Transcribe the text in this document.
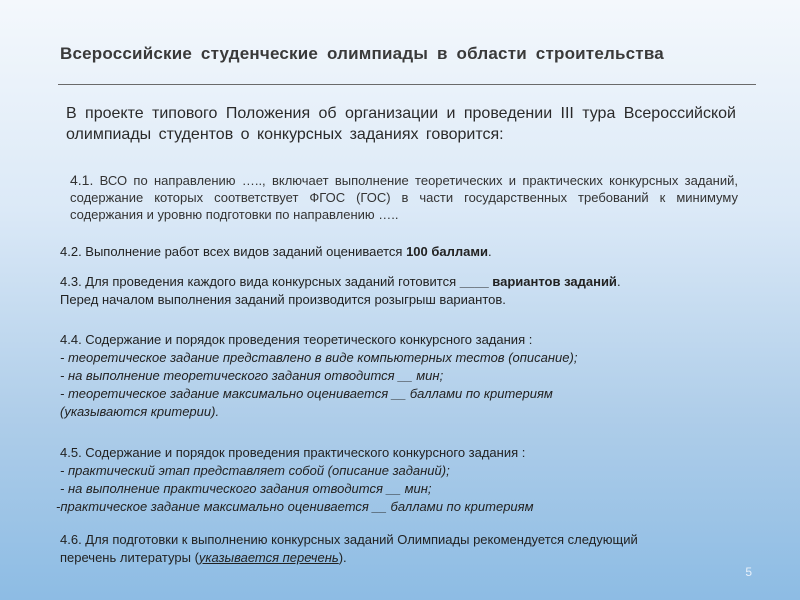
Всероссийские студенческие олимпиады в области строительства
В проекте типового Положения об организации и проведении III тура Всероссийской олимпиады студентов о конкурсных заданиях говорится:
4.1. ВСО по направлению ….., включает выполнение теоретических и практических конкурсных заданий, содержание которых соответствует ФГОС (ГОС) в части государственных требований к минимуму содержания и уровню подготовки по направлению …..
4.2. Выполнение работ всех видов заданий оценивается 100 баллами.
4.3. Для проведения каждого вида конкурсных заданий готовится ____ вариантов заданий.
Перед началом выполнения заданий производится розыгрыш вариантов.
4.4. Содержание и порядок проведения теоретического конкурсного задания :
- теоретическое задание представлено в виде компьютерных тестов (описание);
- на выполнение теоретического задания отводится __ мин;
- теоретическое задание максимально оценивается __ баллами по критериям
(указываются критерии).
4.5. Содержание и порядок проведения практического конкурсного задания :
- практический этап представляет собой (описание заданий);
- на выполнение практического задания отводится __ мин;
-практическое задание максимально оценивается __ баллами по критериям
4.6. Для подготовки к выполнению конкурсных заданий Олимпиады рекомендуется следующий
перечень литературы (указывается перечень).
5
